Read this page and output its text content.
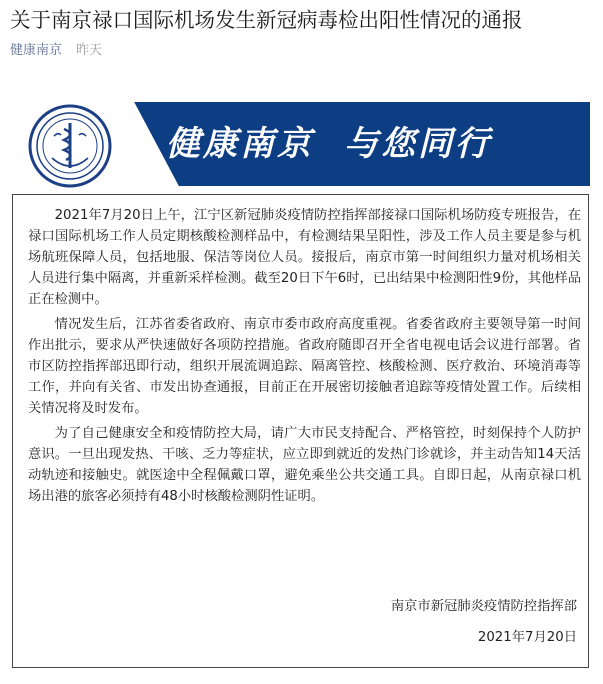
关于南京禄口国际机场发生新冠病毒检出阳性情况的通报
健康南京 昨天
健康南京 与您同行

2021年7月20日上午，江宁区新冠肺炎疫情防控指挥部接禄口国际机场防疫专班报告，在禄口国际机场工作人员定期核酸检测样品中，有检测结果呈阳性，涉及工作人员主要是参与机场航班保障人员，包括地服、保洁等岗位人员。接报后，南京市第一时间组织力量对机场相关人员进行集中隔离，并重新采样检测。截至20日下午6时，已出结果中检测阳性9份，其他样品正在检测中。

情况发生后，江苏省委省政府、南京市委市政府高度重视。省委省政府主要领导第一时间作出批示，要求从严快速做好各项防控措施。省政府随即召开全省电视电话会议进行部署。省市区防控指挥部迅即行动，组织开展流调追踪、隔离管控、核酸检测、医疗救治、环境消毒等工作，并向有关省、市发出协查通报，目前正在开展密切接触者追踪等疫情处置工作。后续相关情况将及时发布。

为了自己健康安全和疫情防控大局，请广大市民支持配合、严格管控，时刻保持个人防护意识。一旦出现发热、干咳、乏力等症状，应立即到就近的发热门诊就诊，并主动告知14天活动轨迹和接触史。就医途中全程佩戴口罩，避免乘坐公共交通工具。自即日起，从南京禄口机场出港的旅客必须持有48小时核酸检测阴性证明。

南京市新冠肺炎疫情防控指挥部
2021年7月20日
